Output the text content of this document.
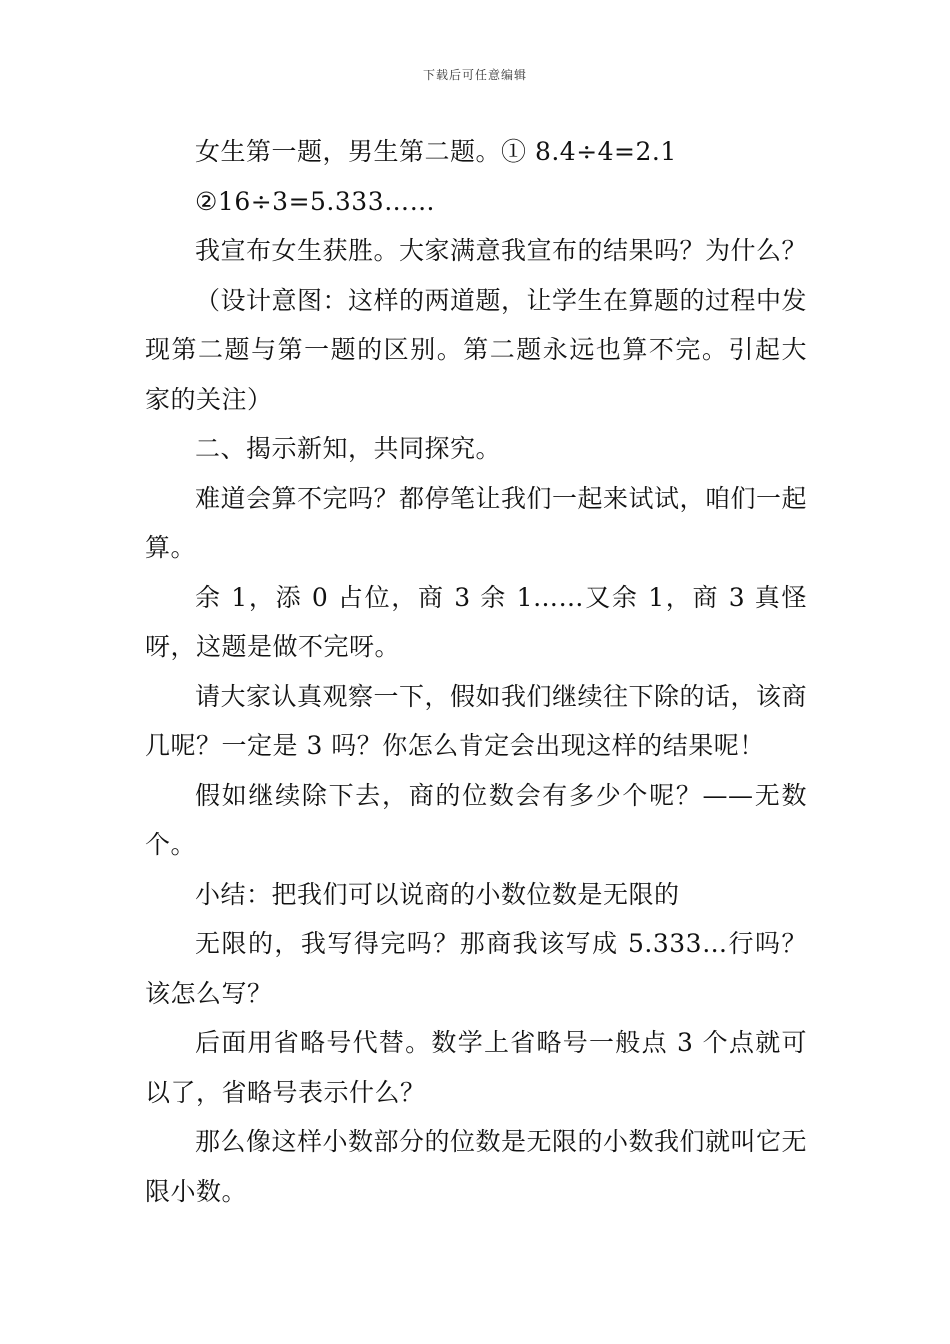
下载后可任意编辑

女生第一题，男生第二题。① 8.4÷4=2.1

②16÷3=5.333……

我宣布女生获胜。大家满意我宣布的结果吗？为什么？

（设计意图：这样的两道题，让学生在算题的过程中发现第二题与第一题的区别。第二题永远也算不完。引起大家的关注）

二、揭示新知，共同探究。

难道会算不完吗？都停笔让我们一起来试试，咱们一起算。

余 1，添 0 占位，商 3 余 1……又余 1，商 3 真怪呀，这题是做不完呀。

请大家认真观察一下，假如我们继续往下除的话，该商几呢？一定是 3 吗？你怎么肯定会出现这样的结果呢！

假如继续除下去，商的位数会有多少个呢？——无数个。

小结：把我们可以说商的小数位数是无限的

无限的，我写得完吗？那商我该写成 5.333…行吗？该怎么写？

后面用省略号代替。数学上省略号一般点 3 个点就可以了，省略号表示什么？

那么像这样小数部分的位数是无限的小数我们就叫它无限小数。
